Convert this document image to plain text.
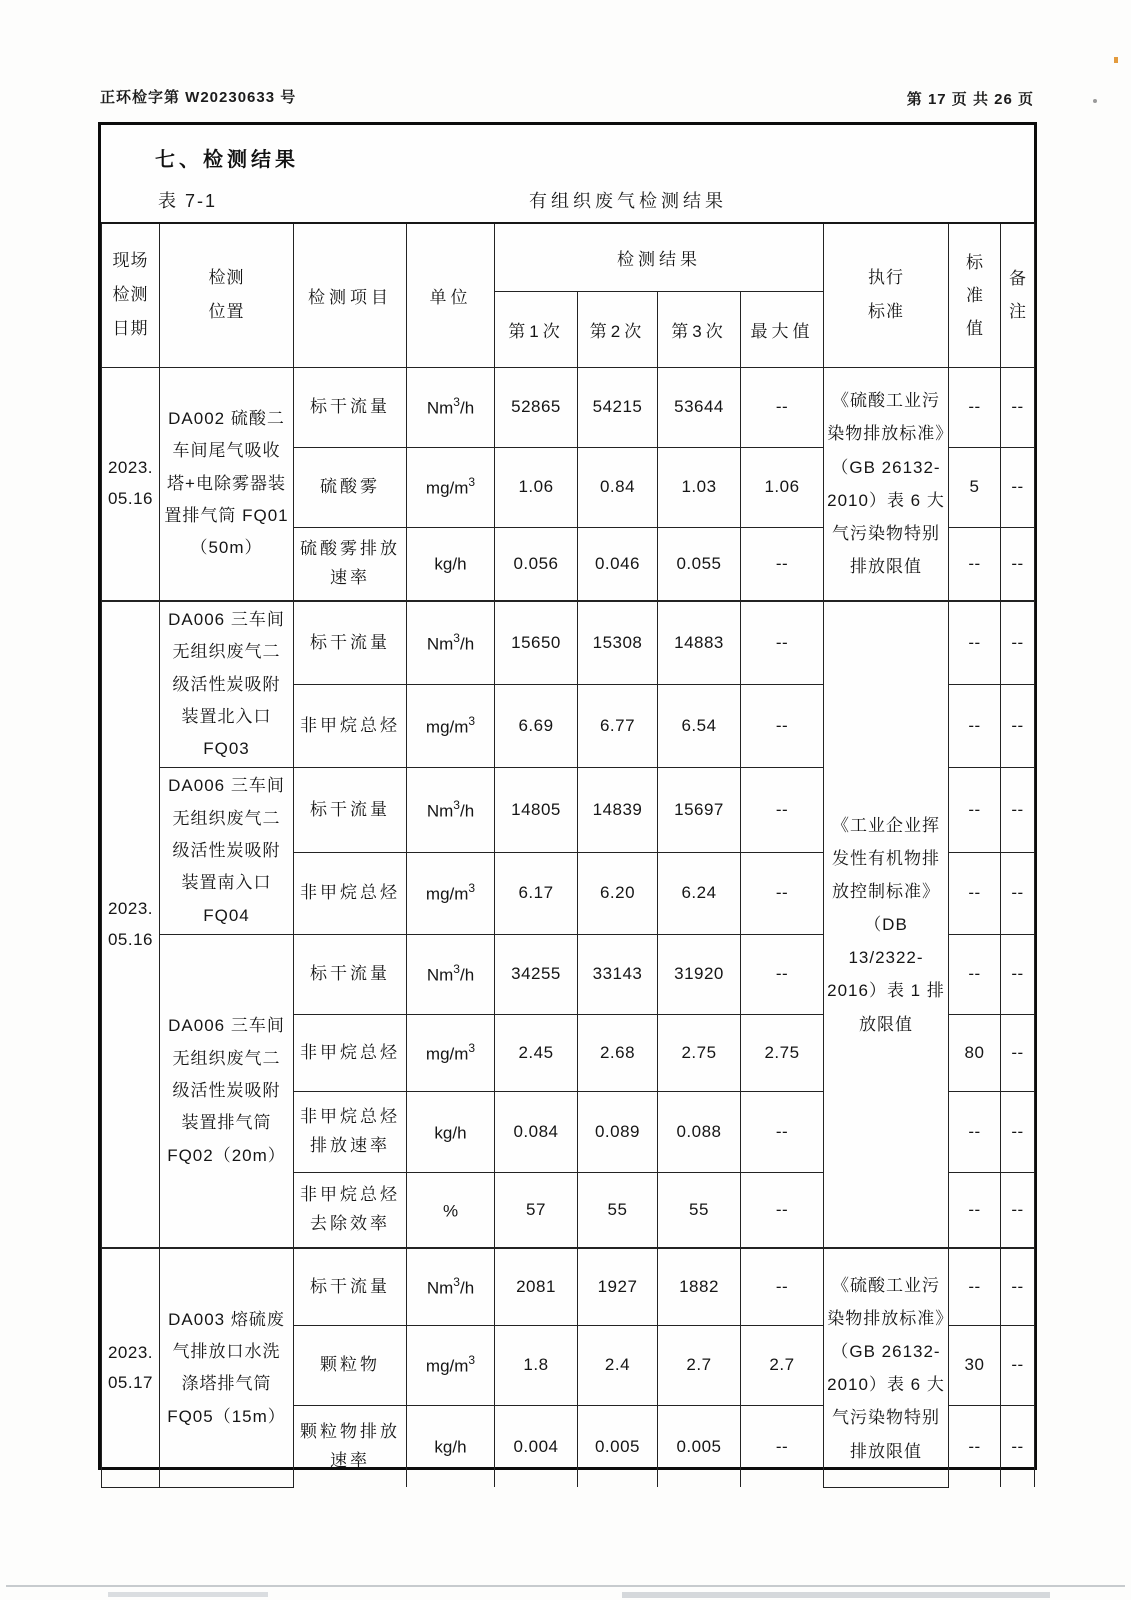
正环检字第 W20230633 号	第 17 页 共 26 页
七、检测结果
表 7-1	有组织废气检测结果
现场检测日期	检测位置	检测项目	单位	检测结果				执行标准	标准值	备注

				第1次	第2次	第3次	最大值			

2023.
05.16	DA002 硫酸二车间尾气吸收塔+电除雾器装置排气筒 FQ01（50m）	标干流量	Nm$^3$/h	52865	54215	53644	--	《硫酸工业污染物排放标准》（GB 26132-2010）表 6 大气污染物特别排放限值	--	--
		硫酸雾	$mg/m^3$	1.06	0.84	1.03	1.06		5	--
		硫酸雾排放速率	kg/h	0.056	0.046	0.055	--		--	--

2023.
05.16	DA006 三车间无组织废气二级活性炭吸附装置北入口 FQ03	标干流量	Nm$^3$/h	15650	15308	14883	--	《工业企业挥发性有机物排放控制标准》（DB 13/2322-2016）表 1 排放限值	--	--
		非甲烷总烃	$mg/m^3$	6.69	6.77	6.54	--		--	--
	DA006 三车间无组织废气二级活性炭吸附装置南入口 FQ04	标干流量	Nm$^3$/h	14805	14839	15697	--		--	--
		非甲烷总烃	$mg/m^3$	6.17	6.20	6.24	--		--	--
	DA006 三车间无组织废气二级活性炭吸附装置排气筒 FQ02（20m）	标干流量	Nm$^3$/h	34255	33143	31920	--		--	--
		非甲烷总烃	$mg/m^3$	2.45	2.68	2.75	2.75		80	--
		非甲烷总烃排放速率	kg/h	0.084	0.089	0.088	--		--	--
		非甲烷总烃去除效率	%	57	55	55	--		--	--

2023.
05.17	DA003 熔硫废气排放口水洗涤塔排气筒 FQ05（15m）	标干流量	Nm$^3$/h	2081	1927	1882	--	《硫酸工业污染物排放标准》（GB 26132-2010）表 6 大气污染物特别排放限值	--	--
		颗粒物	$mg/m^3$	1.8	2.4	2.7	2.7		30	--
		颗粒物排放速率	kg/h	0.004	0.005	0.005	--		--	--
